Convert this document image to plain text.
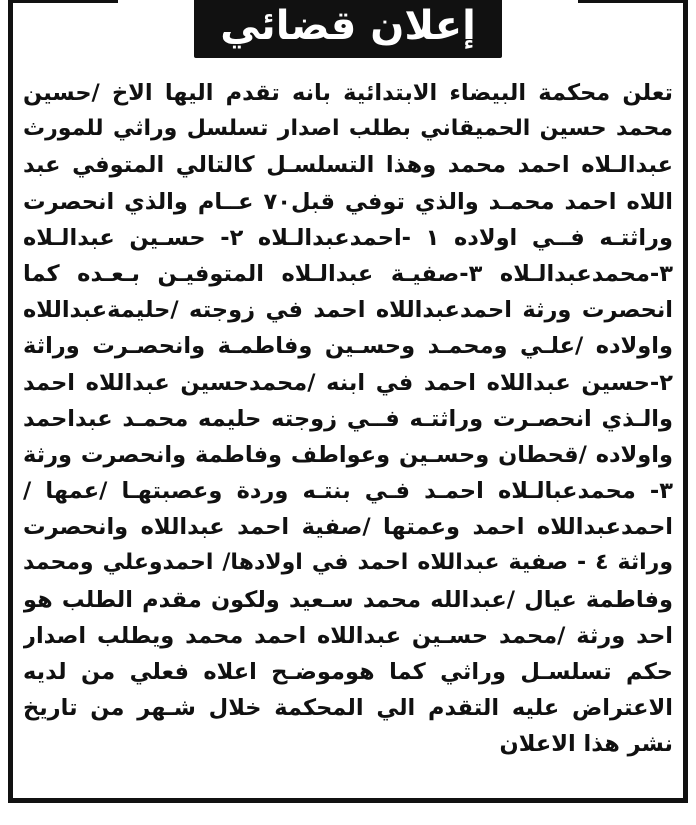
إعلان قضائي
تعلن محكمة البيضاء الابتدائية بانه تقدم اليها الاخ /حسين
محمد حسين الحميقاني بطلب اصدار تسلسل وراثي للمورث
عبدالـلاه احمد محمد وهذا التسلسـل كالتالي المتوفي عبد
اللاه احمد محمـد والذي توفي قبل٧٠ عــام والذي انحصرت
وراثتـه فــي اولاده ١ -احمدعبدالـلاه ٢- حسـين عبدالـلاه
٣-محمدعبدالـلاه ٣-صفيـة عبدالـلاه المتوفيـن بـعـده كما
انحصرت ورثة احمدعبداللاه احمد في زوجته /حليمةعبداللاه
واولاده /علـي ومحمـد وحسـين وفاطمـة وانحصـرت وراثة
٢-حسين عبداللاه احمد في ابنه /محمدحسين عبداللاه احمد
والـذي انحصـرت وراثتـه فــي زوجته حليمه محمـد عبداحمد
واولاده /قحطان وحسـين وعواطف وفاطمة وانحصرت ورثة
٣- محمدعبالـلاه احمـد فـي بنتـه وردة وعصبتهـا /عمها /
احمدعبداللاه احمد وعمتها /صفية احمد عبداللاه وانحصرت
وراثة ٤ - صفية عبداللاه احمد في اولادها/ احمدوعلي ومحمد
وفاطمة عيال /عبدالله محمد سـعيد ولكون مقدم الطلب هو
احد ورثة /محمد حسـين عبداللاه احمد محمد ويطلب اصدار
حكم تسلسـل وراثي كما هوموضـح اعلاه فعلي من لديه
الاعتراض عليه التقدم الي المحكمة خلال شـهر من تاريخ
نشر هذا الاعلان
